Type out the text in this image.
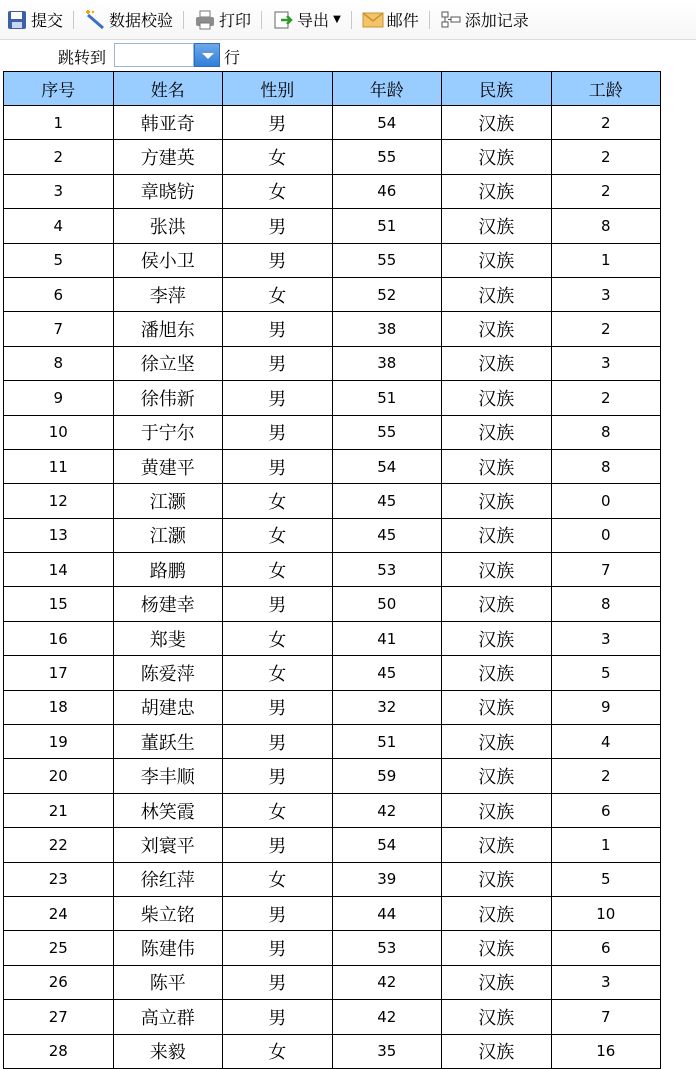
提交	数据校验	打印	导出 ▼	邮件	添加记录
跳转到	行
序号	姓名	性别	年龄	民族	工龄
1	韩亚奇	男	54	汉族	2
2	方建英	女	55	汉族	2
3	章晓钫	女	46	汉族	2
4	张洪	男	51	汉族	8
5	侯小卫	男	55	汉族	1
6	李萍	女	52	汉族	3
7	潘旭东	男	38	汉族	2
8	徐立坚	男	38	汉族	3
9	徐伟新	男	51	汉族	2
10	于宁尔	男	55	汉族	8
11	黄建平	男	54	汉族	8
12	江灏	女	45	汉族	0
13	江灏	女	45	汉族	0
14	路鹏	女	53	汉族	7
15	杨建幸	男	50	汉族	8
16	郑斐	女	41	汉族	3
17	陈爱萍	女	45	汉族	5
18	胡建忠	男	32	汉族	9
19	董跃生	男	51	汉族	4
20	李丰顺	男	59	汉族	2
21	林笑霞	女	42	汉族	6
22	刘寰平	男	54	汉族	1
23	徐红萍	女	39	汉族	5
24	柴立铭	男	44	汉族	10
25	陈建伟	男	53	汉族	6
26	陈平	男	42	汉族	3
27	高立群	男	42	汉族	7
28	来毅	女	35	汉族	16
